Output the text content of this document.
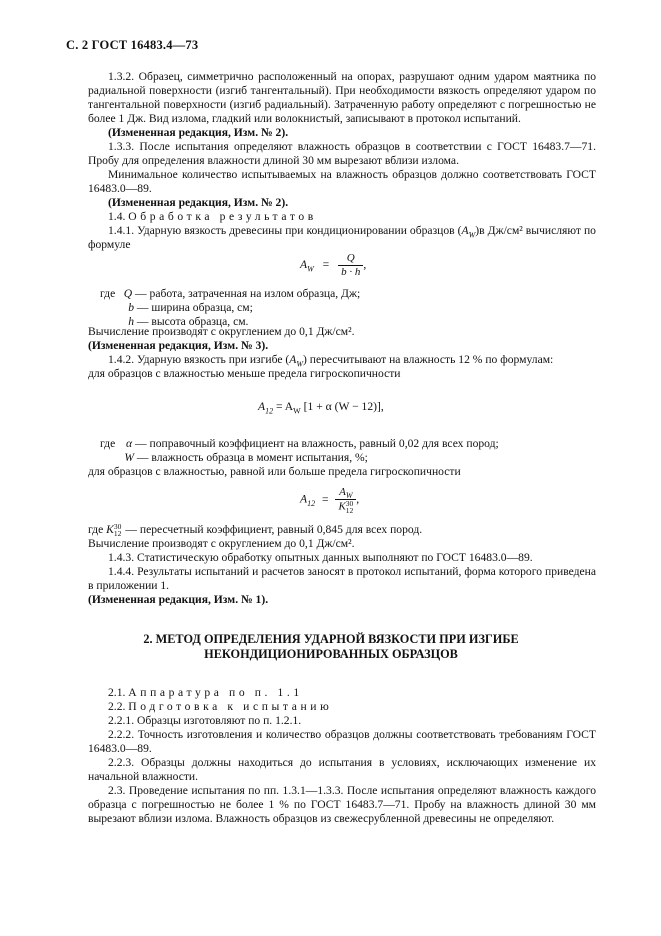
С. 2 ГОСТ 16483.4—73

1.3.2. Образец, симметрично расположенный на опорах, разрушают одним ударом маятника по радиальной поверхности (изгиб тангентальный). При необходимости вязкость определяют ударом по тангентальной поверхности (изгиб радиальный). Затраченную работу определяют с погрешностью не более 1 Дж. Вид излома, гладкий или волокнистый, записывают в протокол испытаний.

(Измененная редакция, Изм. № 2).

1.3.3. После испытания определяют влажность образцов в соответствии с ГОСТ 16483.7—71. Пробу для определения влажности длиной 30 мм вырезают вблизи излома.

Минимальное количество испытываемых на влажность образцов должно соответствовать ГОСТ 16483.0—89.

(Измененная редакция, Изм. № 2).

1.4. Обработка результатов

1.4.1. Ударную вязкость древесины при кондиционировании образцов $(A_W)в$ Дж/см² вычисляют по формуле

$A_W = \frac{Q}{b \cdot h}$ ,
где Q — работа, затраченная на излом образца, Дж;
b — ширина образца, см;
h — высота образца, см.

Вычисление производят с округлением до 0,1 Дж/см².

(Измененная редакция, Изм. № 3).

1.4.2. Ударную вязкость при изгибе $(A_W)$ пересчитывают на влажность 12 % по формулам:

для образцов с влажностью меньше предела гигроскопичности

$A_{12} = A_W$ [1 + α (W − 12)],
где α — поправочный коэффициент на влажность, равный 0,02 для всех пород;
W — влажность образца в момент испытания, %;

для образцов с влажностью, равной или больше предела гигроскопичности

$A_{12}$ =
$A_W$
K30
12
,
где K30
12 — пересчетный коэффициент, равный 0,845 для всех пород.

Вычисление производят с округлением до 0,1 Дж/см².

1.4.3. Статистическую обработку опытных данных выполняют по ГОСТ 16483.0—89.

1.4.4. Результаты испытаний и расчетов заносят в протокол испытаний, форма которого приведена в приложении 1.

(Измененная редакция, Изм. № 1).

2. МЕТОД ОПРЕДЕЛЕНИЯ УДАРНОЙ ВЯЗКОСТИ ПРИ ИЗГИБЕ
НЕКОНДИЦИОНИРОВАННЫХ ОБРАЗЦОВ

2.1. Аппаратура по п. 1.1

2.2. Подготовка к испытанию

2.2.1. Образцы изготовляют по п. 1.2.1.

2.2.2. Точность изготовления и количество образцов должны соответствовать требованиям ГОСТ 16483.0—89.

2.2.3. Образцы должны находиться до испытания в условиях, исключающих изменение их начальной влажности.

2.3. Проведение испытания по пп. 1.3.1—1.3.3. После испытания определяют влажность каждого образца с погрешностью не более 1 % по ГОСТ 16483.7—71. Пробу на влажность длиной 30 мм вырезают вблизи излома. Влажность образцов из свежесрубленной древесины не определяют.
